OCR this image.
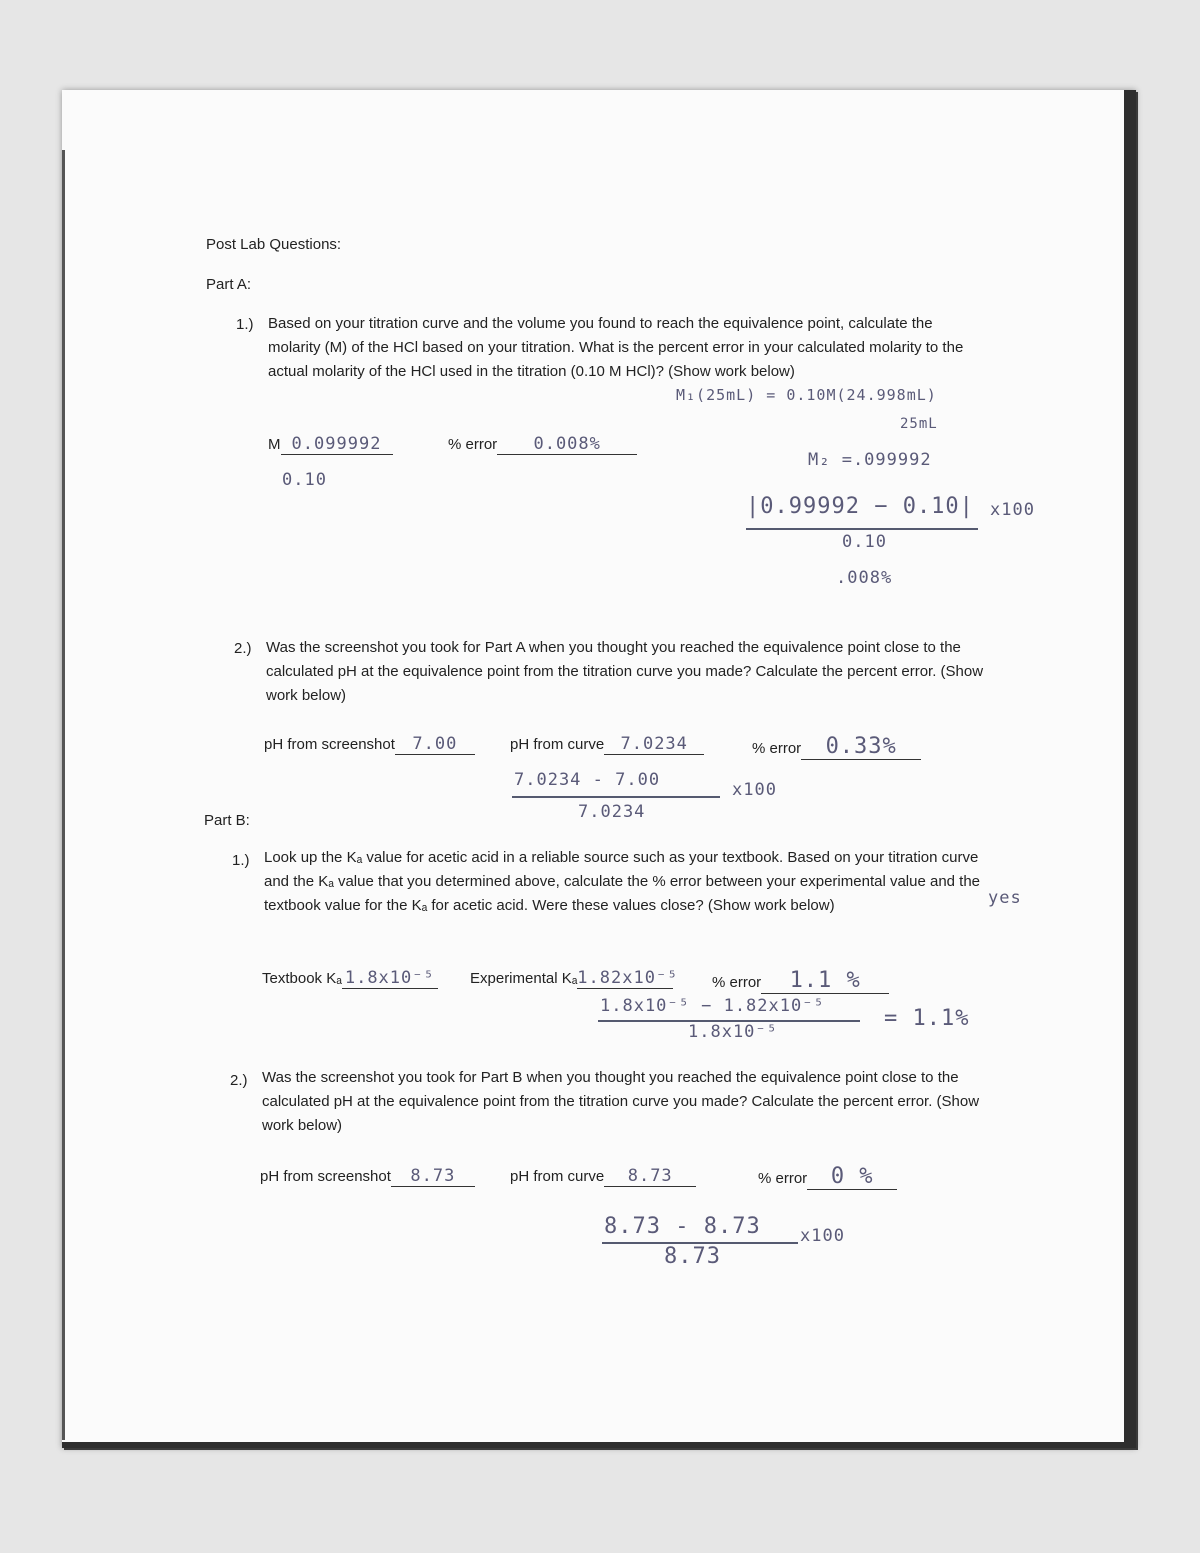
Post Lab Questions:
Part A:
1.) Based on your titration curve and the volume you found to reach the equivalence point, calculate the molarity (M) of the HCl based on your titration. What is the percent error in your calculated molarity to the actual molarity of the HCl used in the titration (0.10 M HCl)? (Show work below)
M 0.099992
0.10
% error 0.008%
M₁(25mL) = 0.10M(24.998mL)
25mL
M₂ =.099992
|0.99992 − 0.10| x100
0.10
.008%
2.) Was the screenshot you took for Part A when you thought you reached the equivalence point close to the calculated pH at the equivalence point from the titration curve you made? Calculate the percent error. (Show work below)
pH from screenshot 7.00	pH from curve 7.0234	% error 0.33%
7.0234 - 7.00	x100
7.0234
Part B:
1.) Look up the Kₐ value for acetic acid in a reliable source such as your textbook. Based on your titration curve and the Kₐ value that you determined above, calculate the % error between your experimental value and the textbook value for the Kₐ for acetic acid. Were these values close? (Show work below)	yes
Textbook Kₐ 1.8x10⁻⁵ Experimental Kₐ1.82x10⁻⁵ % error 1.1 %
1.8x10⁻⁵ − 1.82x10⁻⁵
1.8x10⁻⁵
= 1.1%
2.) Was the screenshot you took for Part B when you thought you reached the equivalence point close to the calculated pH at the equivalence point from the titration curve you made? Calculate the percent error. (Show work below)
pH from screenshot 8.73	pH from curve 8.73	% error 0 %
8.73 - 8.73 x100
8.73
